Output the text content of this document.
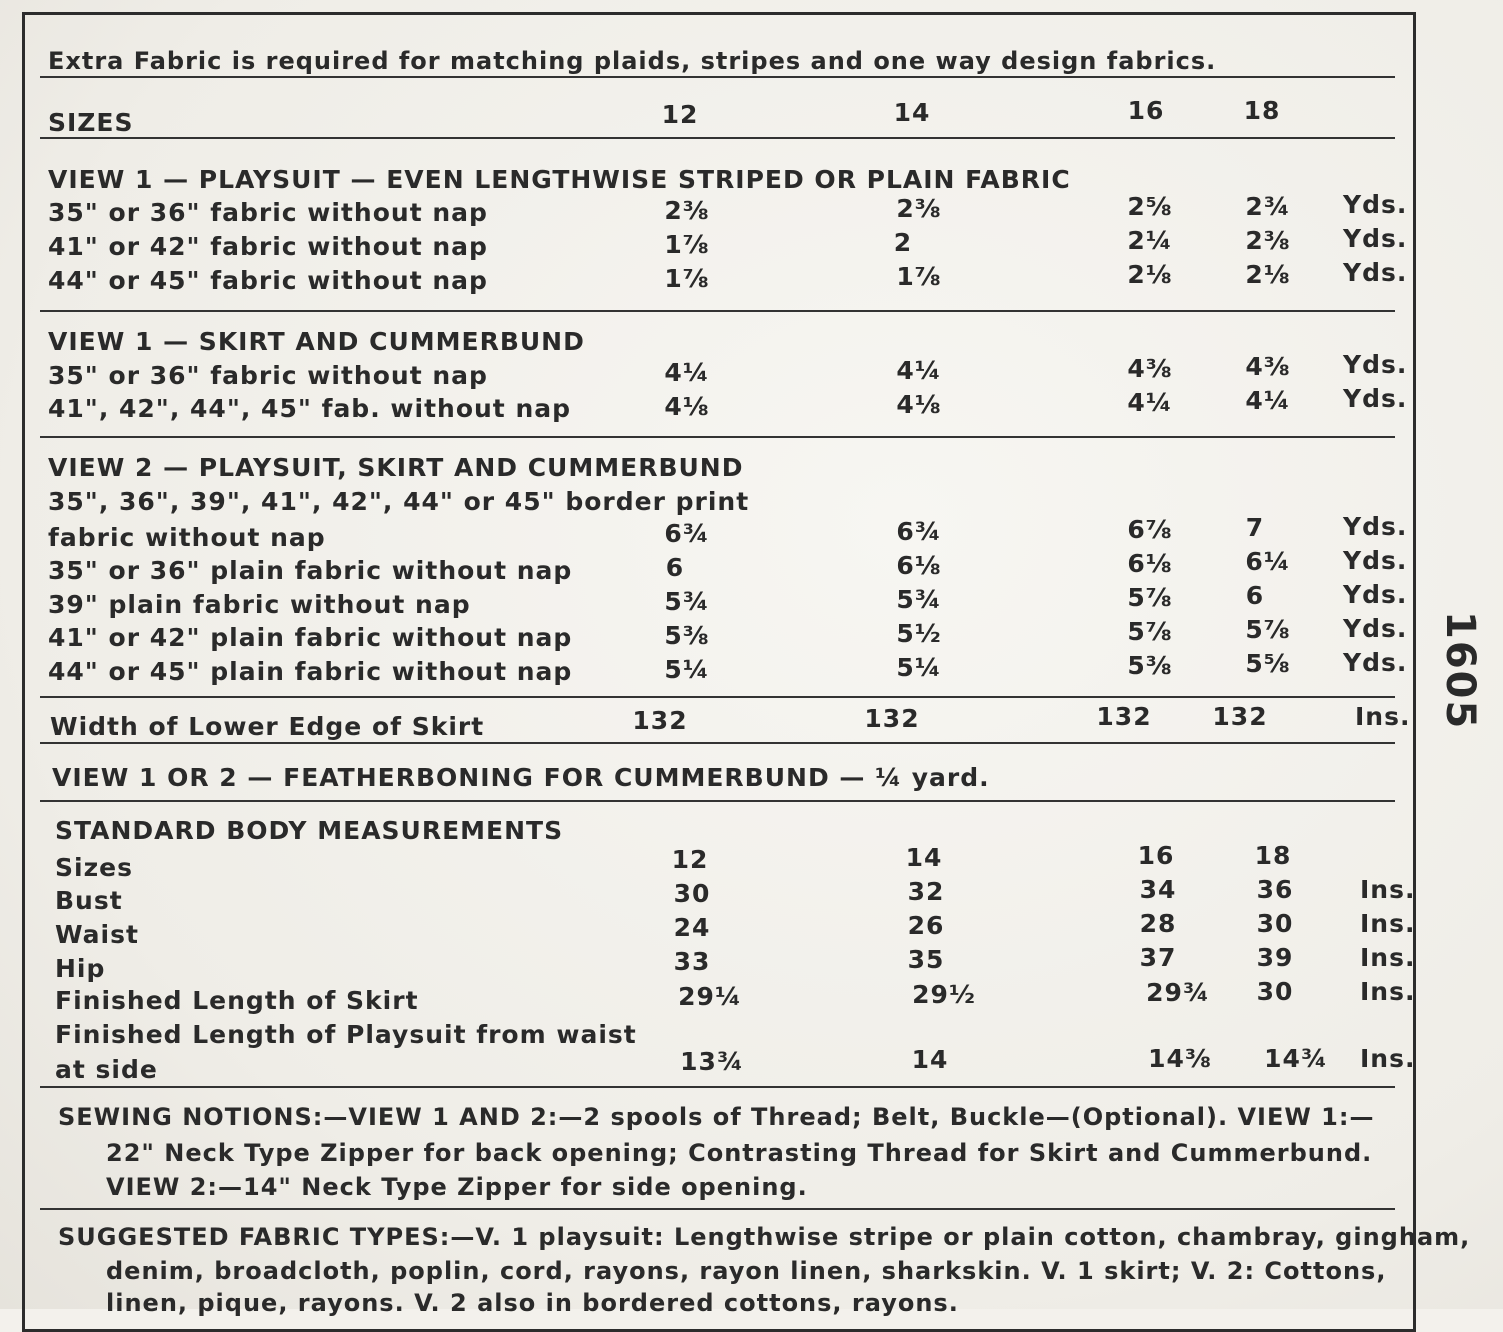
Extra Fabric is required for matching plaids, stripes and one way design fabrics.
SIZES	12	14	16	18
VIEW 1 — PLAYSUIT — EVEN LENGTHWISE STRIPED OR PLAIN FABRIC
35" or 36" fabric without nap	2⅜	2⅜	2⅝	2¾	Yds.
41" or 42" fabric without nap	1⅞	2	2¼	2⅜	Yds.
44" or 45" fabric without nap	1⅞	1⅞	2⅛	2⅛	Yds.
VIEW 1 — SKIRT AND CUMMERBUND
35" or 36" fabric without nap	4¼	4¼	4⅜	4⅜	Yds.
41", 42", 44", 45" fab. without nap	4⅛	4⅛	4¼	4¼	Yds.
VIEW 2 — PLAYSUIT, SKIRT AND CUMMERBUND
35", 36", 39", 41", 42", 44" or 45" border print
fabric without nap	6¾	6¾	6⅞	7	Yds.
35" or 36" plain fabric without nap	6	6⅛	6⅛	6¼	Yds.
39" plain fabric without nap	5¾	5¾	5⅞	6	Yds.
41" or 42" plain fabric without nap	5⅜	5½	5⅞	5⅞	Yds.
44" or 45" plain fabric without nap	5¼	5¼	5⅜	5⅝	Yds.
Width of Lower Edge of Skirt	132	132	132	132	Ins.
VIEW 1 OR 2 — FEATHERBONING FOR CUMMERBUND — ¼ yard.
STANDARD BODY MEASUREMENTS
Sizes	12	14	16	18
Bust	30	32	34	36	Ins.
Waist	24	26	28	30	Ins.
Hip	33	35	37	39	Ins.
Finished Length of Skirt	29¼	29½	29¾	30	Ins.
Finished Length of Playsuit from waist
at side	13¾	14	14⅜	14¾	Ins.
SEWING NOTIONS:—VIEW 1 AND 2:—2 spools of Thread; Belt, Buckle—(Optional). VIEW 1:—
22" Neck Type Zipper for back opening; Contrasting Thread for Skirt and Cummerbund.
VIEW 2:—14" Neck Type Zipper for side opening.
SUGGESTED FABRIC TYPES:—V. 1 playsuit: Lengthwise stripe or plain cotton, chambray, gingham,
denim, broadcloth, poplin, cord, rayons, rayon linen, sharkskin. V. 1 skirt; V. 2: Cottons,
linen, pique, rayons. V. 2 also in bordered cottons, rayons.
1605
